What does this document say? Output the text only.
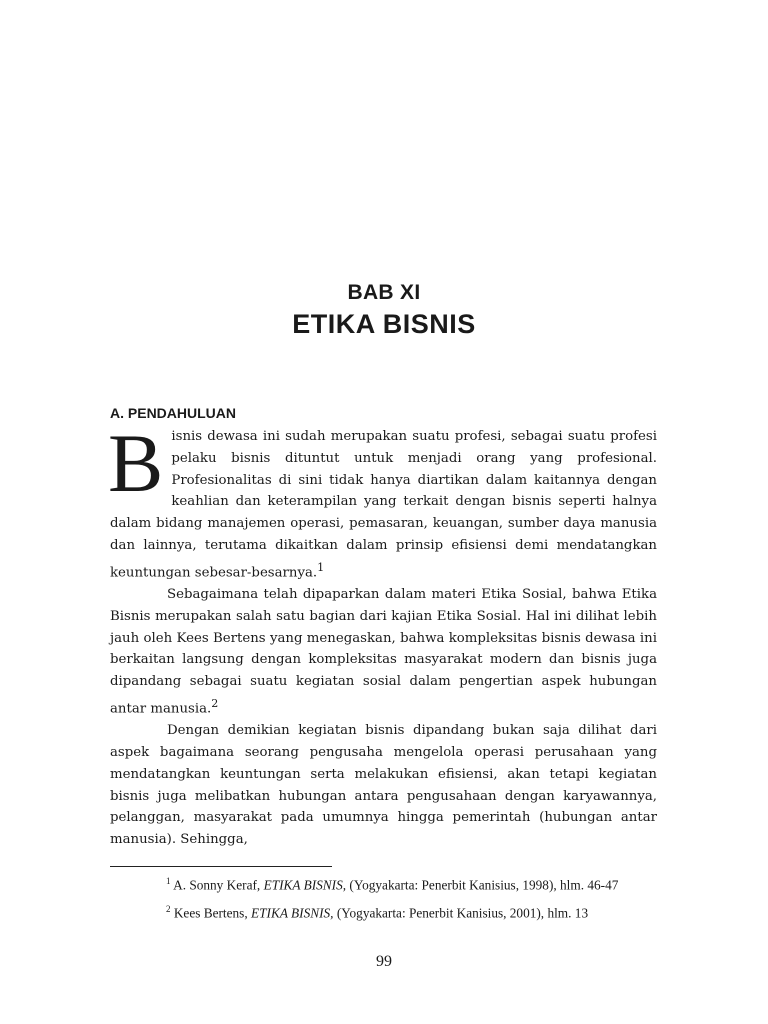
BAB XI
ETIKA BISNIS
A. PENDAHULUAN

Bisnis dewasa ini sudah merupakan suatu profesi, sebagai suatu profesi pelaku bisnis dituntut untuk menjadi orang yang profesional. Profesionalitas di sini tidak hanya diartikan dalam kaitannya dengan keahlian dan keterampilan yang terkait dengan bisnis seperti halnya dalam bidang manajemen operasi, pemasaran, keuangan, sumber daya manusia dan lainnya, terutama dikaitkan dalam prinsip efisiensi demi mendatangkan keuntungan sebesar-besarnya.$^1$

Sebagaimana telah dipaparkan dalam materi Etika Sosial, bahwa Etika Bisnis merupakan salah satu bagian dari kajian Etika Sosial. Hal ini dilihat lebih jauh oleh Kees Bertens yang menegaskan, bahwa kompleksitas bisnis dewasa ini berkaitan langsung dengan kompleksitas masyarakat modern dan bisnis juga dipandang sebagai suatu kegiatan sosial dalam pengertian aspek hubungan antar manusia.$^2$

Dengan demikian kegiatan bisnis dipandang bukan saja dilihat dari aspek bagaimana seorang pengusaha mengelola operasi perusahaan yang mendatangkan keuntungan serta melakukan efisiensi, akan tetapi kegiatan bisnis juga melibatkan hubungan antara pengusahaan dengan karyawannya, pelanggan, masyarakat pada umumnya hingga pemerintah (hubungan antar manusia). Sehingga,

$^1$ A. Sonny Keraf, ETIKA BISNIS, (Yogyakarta: Penerbit Kanisius, 1998), hlm. 46-47

$^2$ Kees Bertens, ETIKA BISNIS, (Yogyakarta: Penerbit Kanisius, 2001), hlm. 13

99
